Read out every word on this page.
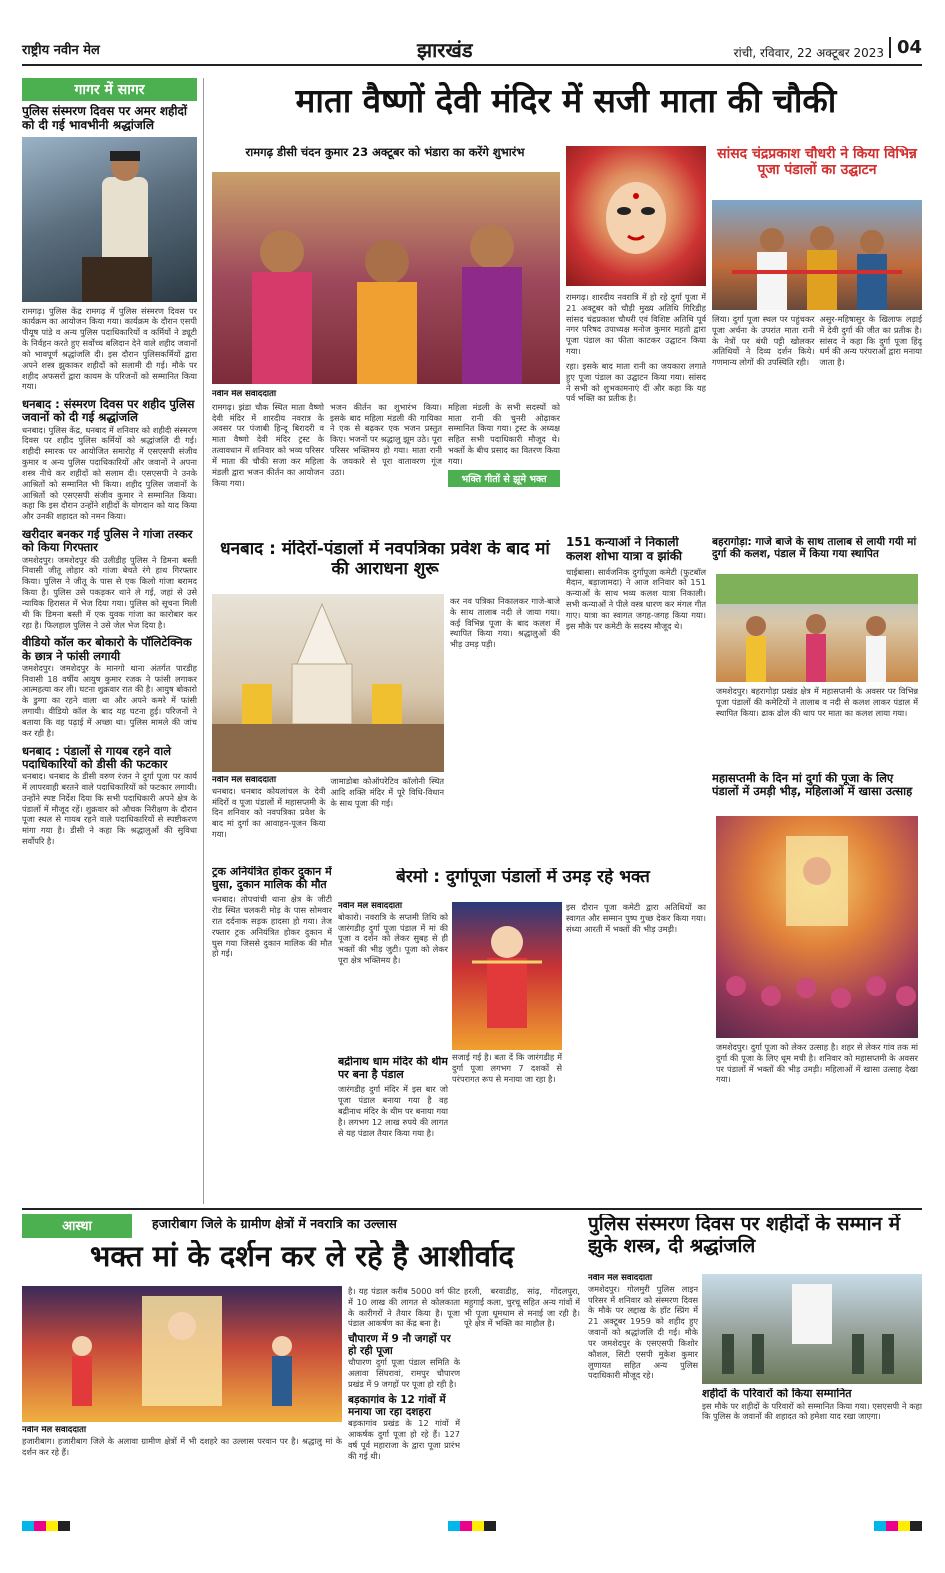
राष्ट्रीय नवीन मेल	झारखंड	रांची, रविवार, 22 अक्टूबर 2023 04
गागर में सागर
पुलिस संस्मरण दिवस पर अमर शहीदों को दी गई भावभीनी श्रद्धांजलि
रामगढ़। पुलिस केंद्र रामगढ़ में पुलिस संस्मरण दिवस पर कार्यक्रम का आयोजन किया गया। कार्यक्रम के दौरान एसपी पीयूष पांडे व अन्य पुलिस पदाधिकारियों व कर्मियों ने ड्यूटी के निर्वहन करते हुए सर्वोच्च बलिदान देने वाले शहीद जवानों को भावपूर्ण श्रद्धांजलि दी। इस दौरान पुलिसकर्मियों द्वारा अपने शस्त्र झुकाकर शहीदों को सलामी दी गई। मौके पर शहीद अफसरों द्वारा कायम के परिजनों को सम्मानित किया गया।
धनबाद : संस्मरण दिवस पर शहीद पुलिस जवानों को दी गई श्रद्धांजलि
धनबाद। पुलिस केंद्र, धनबाद में शनिवार को शहीदी संस्मरण दिवस पर शहीद पुलिस कर्मियों को श्रद्धांजलि दी गई। शहीदी स्मारक पर आयोजित समारोह में एसएसपी संजीव कुमार व अन्य पुलिस पदाधिकारियों और जवानों ने अपना शस्त्र नीचे कर शहीदों को सलाम दी। एसएसपी ने उनके आश्रितों को सम्मानित भी किया। शहीद पुलिस जवानों के आश्रितों को एसएसपी संजीव कुमार ने सम्मानित किया। कहा कि इस दौरान उन्होंने शहीदों के योगदान को याद किया और उनकी शहादत को नमन किया।
खरीदार बनकर गई पुलिस ने गांजा तस्कर को किया गिरफ्तार
जमशेदपुर। जमशेदपुर की उलीडीह पुलिस ने डिमना बस्ती निवासी जीतू लोहार को गांजा बेचते रंगे हाथ गिरफ्तार किया। पुलिस ने जीतू के पास से एक किलो गांजा बरामद किया है। पुलिस उसे पकड़कर थाने ले गई, जहां से उसे न्यायिक हिरासत में भेज दिया गया। पुलिस को सूचना मिली थी कि डिमना बस्ती में एक युवक गांजा का कारोबार कर रहा है। फिलहाल पुलिस ने उसे जेल भेज दिया है।
वीडियो कॉल कर बोकारो के पॉलिटेक्निक के छात्र ने फांसी लगायी
जमशेदपुर। जमशेदपुर के मानगो थाना अंतर्गत पारडीह निवासी 18 वर्षीय आयुष कुमार रजक ने फांसी लगाकर आत्महत्या कर ली। घटना शुक्रवार रात की है। आयुष बोकारो के डुग्गा का रहने वाला था और अपने कमरे में फांसी लगायी। वीडियो कॉल के बाद यह घटना हुई। परिजनों ने बताया कि वह पढ़ाई में अच्छा था। पुलिस मामले की जांच कर रही है।
धनबाद : पंडालों से गायब रहने वाले पदाधिकारियों को डीसी की फटकार
धनबाद। धनबाद के डीसी वरुण रंजन ने दुर्गा पूजा पर कार्य में लापरवाही बरतने वाले पदाधिकारियों को फटकार लगायी। उन्होंने स्पष्ट निर्देश दिया कि सभी पदाधिकारी अपने क्षेत्र के पंडालों में मौजूद रहें। शुक्रवार को औचक निरीक्षण के दौरान पूजा स्थल से गायब रहने वाले पदाधिकारियों से स्पष्टीकरण मांगा गया है। डीसी ने कहा कि श्रद्धालुओं की सुविधा सर्वोपरि है।
माता वैष्णों देवी मंदिर में सजी माता की चौकी
रामगढ़ डीसी चंदन कुमार 23 अक्टूबर को भंडारा का करेंगे शुभारंभ
नवीन मेल संवाददाता
रामगढ़। झंडा चौक स्थित माता वैष्णो देवी मंदिर में शारदीय नवरात्र के अवसर पर पंजाबी हिन्दू बिरादरी व माता वैष्णो देवी मंदिर ट्रस्ट के तत्वावधान में शनिवार को भव्य परिसर में माता की चौकी सजा कर महिला मंडली द्वारा भजन कीर्तन का आयोजन किया गया।
भजन कीर्तन का शुभारंभ किया। इसके बाद महिला मंडली की गायिका ने एक से बढ़कर एक भजन प्रस्तुत किए। भजनों पर श्रद्धालु झूम उठे। पूरा परिसर भक्तिमय हो गया। माता रानी के जयकारे से पूरा वातावरण गूंज उठा।
महिला मंडली के सभी सदस्यों को माता रानी की चुनरी ओढ़ाकर सम्मानित किया गया। ट्रस्ट के अध्यक्ष सहित सभी पदाधिकारी मौजूद थे। भक्तों के बीच प्रसाद का वितरण किया गया।
भक्ति गीतों से झूमे भक्त
रामगढ़। शारदीय नवरात्रि में हो रहे दुर्गा पूजा में 21 अक्टूबर को चौड़ी मुख्य अतिथि गिरिडीह सांसद चंद्रप्रकाश चौधरी एवं विशिष्ट अतिथि पूर्व नगर परिषद उपाध्यक्ष मनोज कुमार महतो द्वारा पूजा पंडाल का फीता काटकर उद्घाटन किया गया।
रहा। इसके बाद माता रानी का जयकारा लगाते हुए पूजा पंडाल का उद्घाटन किया गया। सांसद ने सभी को शुभकामनाएं दीं और कहा कि यह पर्व भक्ति का प्रतीक है।
सांसद चंद्रप्रकाश चौधरी ने किया विभिन्न पूजा पंडालों का उद्घाटन
लिया। दुर्गा पूजा स्थल पर पहुंचकर पूजा अर्चना के उपरांत माता रानी के नेत्रों पर बंधी पट्टी खोलकर अतिथियों ने दिव्य दर्शन किये। गणमान्य लोगों की उपस्थिति रही।
असुर-महिषासुर के खिलाफ लड़ाई में देवी दुर्गा की जीत का प्रतीक है। सांसद ने कहा कि दुर्गा पूजा हिंदू धर्म की अन्य परंपराओं द्वारा मनाया जाता है।
धनबाद : मंदिरों-पंडालों में नवपत्रिका प्रवेश के बाद मां की आराधना शुरू
नवीन मेल संवाददाता
धनबाद। धनबाद कोयलांचल के देवी मंदिरों व पूजा पंडालों में महासप्तमी के दिन शनिवार को नवपत्रिका प्रवेश के बाद मां दुर्गा का आवाहन-पूजन किया गया।
जामाडोबा कोऑपरेटिव कॉलोनी स्थित आदि शक्ति मंदिर में पूरे विधि-विधान के साथ पूजा की गई।
कर नव पत्रिका निकालकर गाजे-बाजे के साथ तालाब नदी ले जाया गया। कई विभिन्न पूजा के बाद कलश में स्थापित किया गया। श्रद्धालुओं की भीड़ उमड़ पड़ी।
ट्रक अनियंत्रित होकर दुकान में घुसा, दुकान मालिक की मौत
धनबाद। तोपचांची थाना क्षेत्र के जीटी रोड स्थित चलकरी मोड़ के पास सोमवार रात दर्दनाक सड़क हादसा हो गया। तेज रफ्तार ट्रक अनियंत्रित होकर दुकान में घुस गया जिससे दुकान मालिक की मौत हो गई।
151 कन्याओं ने निकाली कलश शोभा यात्रा व झांकी
चाईबासा। सार्वजनिक दुर्गापूजा कमेटी (फुटबॉल मैदान, बड़ाजामदा) ने आज शनिवार को 151 कन्याओं के साथ भव्य कलश यात्रा निकाली। सभी कन्याओं ने पीले वस्त्र धारण कर मंगल गीत गाए। यात्रा का स्वागत जगह-जगह किया गया। इस मौके पर कमेटी के सदस्य मौजूद थे।
बहरागोड़ा: गाजे बाजे के साथ तालाब से लायी गयी मां दुर्गा की कलश, पंडाल में किया गया स्थापित
जमशेदपुर। बहरागोड़ा प्रखंड क्षेत्र में महासप्तमी के अवसर पर विभिन्न पूजा पंडालों की कमेटियों ने तालाब व नदी से कलश लाकर पंडाल में स्थापित किया। ढाक ढोल की थाप पर माता का कलश लाया गया।
महासप्तमी के दिन मां दुर्गा की पूजा के लिए पंडालों में उमड़ी भीड़, महिलाओं में खासा उत्साह
जमशेदपुर। दुर्गा पूजा को लेकर उत्साह है। शहर से लेकर गांव तक मां दुर्गा की पूजा के लिए धूम मची है। शनिवार को महासप्तमी के अवसर पर पंडालों में भक्तों की भीड़ उमड़ी। महिलाओं में खासा उत्साह देखा गया।
बेरमो : दुर्गापूजा पंडालों में उमड़ रहे भक्त
नवीन मेल संवाददाता
बोकारो। नवरात्रि के सप्तमी तिथि को जारंगडीह दुर्गा पूजा पंडाल में मां की पूजा व दर्शन को लेकर सुबह से ही भक्तों की भीड़ जुटी। पूजा को लेकर पूरा क्षेत्र भक्तिमय है।
सजाई गई है। बता दें कि जारंगडीह में दुर्गा पूजा लगभग 7 दशकों से परंपरागत रूप से मनाया जा रहा है।
बद्रीनाथ धाम मंदिर की थीम पर बना है पंडाल
जारंगडीह दुर्गा मंदिर में इस बार जो पूजा पंडाल बनाया गया है वह बद्रीनाथ मंदिर के थीम पर बनाया गया है। लगभग 12 लाख रुपये की लागत से यह पंडाल तैयार किया गया है।
इस दौरान पूजा कमेटी द्वारा अतिथियों का स्वागत और सम्मान पुष्प गुच्छ देकर किया गया। संध्या आरती में भक्तों की भीड़ उमड़ी।
आस्था	हजारीबाग जिले के ग्रामीण क्षेत्रों में नवरात्रि का उल्लास
भक्त मां के दर्शन कर ले रहे है आशीर्वाद
नवीन मेल संवाददाता
हजारीबाग। हजारीबाग जिले के अलावा ग्रामीण क्षेत्रों में भी दशहरे का उल्लास परवान पर है। श्रद्धालु मां के दर्शन कर रहे हैं।
है। यह पंडाल करीब 5000 वर्ग फीट में 10 लाख की लागत से कोलकाता के कारीगरों ने तैयार किया है। पूजा पंडाल आकर्षण का केंद्र बना है।
चौपारण में 9 नौ जगहों पर हो रही पूजा
चौपारण दुर्गा पूजा पंडाल समिति के अलावा सिंघरावां, रामपुर चौपारण प्रखंड में 9 जगहों पर पूजा हो रही है।
बड़कागांव के 12 गांवों में मनाया जा रहा दशहरा
बड़कागांव प्रखंड के 12 गांवों में आकर्षक दुर्गा पूजा हो रहे हैं। 127 वर्ष पूर्व महाराजा के द्वारा पूजा प्रारंभ की गई थी।
हरली, बरवाडीह, सांढ़, गोंदलपुरा, महुगाई कला, चुरचू सहित अन्य गांवों में भी पूजा धूमधाम से मनाई जा रही है। पूरे क्षेत्र में भक्ति का माहौल है।
पुलिस संस्मरण दिवस पर शहीदों के सम्मान में झुके शस्त्र, दी श्रद्धांजलि
नवीन मेल संवाददाता
जमशेदपुर। गोलमुरी पुलिस लाइन परिसर में शनिवार को संस्मरण दिवस के मौके पर लद्दाख के हॉट स्प्रिंग में 21 अक्टूबर 1959 को शहीद हुए जवानों को श्रद्धांजलि दी गई। मौके पर जमशेदपुर के एसएसपी किशोर कौशल, सिटी एसपी मुकेश कुमार लुणायत सहित अन्य पुलिस पदाधिकारी मौजूद रहे।
शहीदों के परिवारों को किया सम्मानित
इस मौके पर शहीदों के परिवारों को सम्मानित किया गया। एसएसपी ने कहा कि पुलिस के जवानों की शहादत को हमेशा याद रखा जाएगा।
